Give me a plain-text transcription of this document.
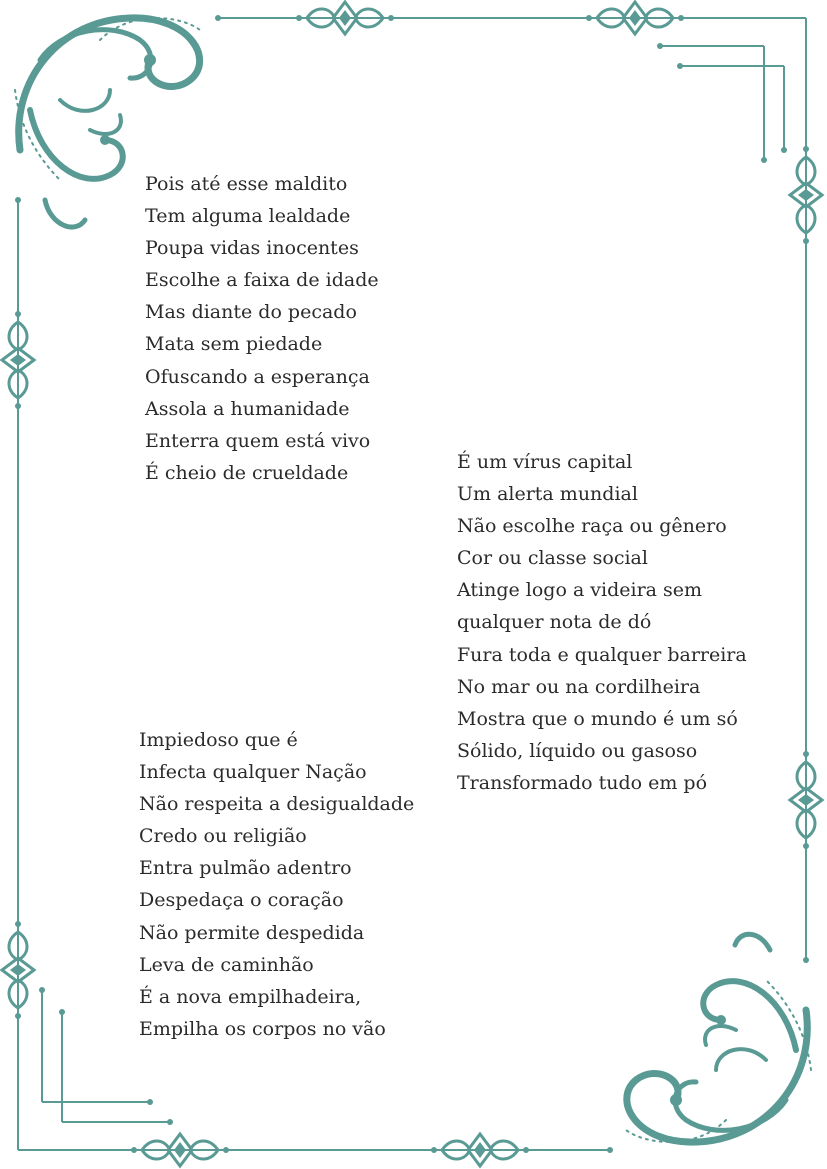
Pois até esse maldito
Tem alguma lealdade
Poupa vidas inocentes
Escolhe a faixa de idade
Mas diante do pecado
Mata sem piedade
Ofuscando a esperança
Assola a humanidade
Enterra quem está vivo
É cheio de crueldade	É um vírus capital
Um alerta mundial
Não escolhe raça ou gênero
Cor ou classe social
Atinge logo a videira sem
qualquer nota de dó
Fura toda e qualquer barreira
No mar ou na cordilheira
Mostra que o mundo é um só
Sólido, líquido ou gasoso
Transformado tudo em pó
Impiedoso que é
Infecta qualquer Nação
Não respeita a desigualdade
Credo ou religião
Entra pulmão adentro
Despedaça o coração
Não permite despedida
Leva de caminhão
É a nova empilhadeira,
Empilha os corpos no vão
